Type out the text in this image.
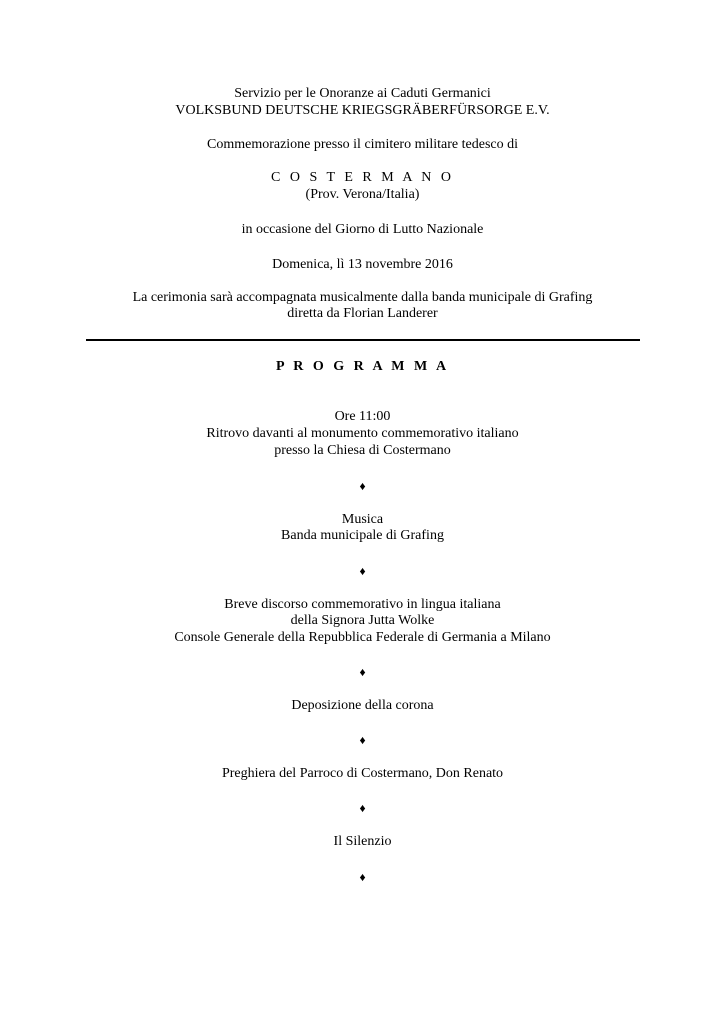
Servizio per le Onoranze ai Caduti Germanici
VOLKSBUND DEUTSCHE KRIEGSGRÄBERFÜRSORGE E.V.
Commemorazione presso il cimitero militare tedesco di
C O S T E R M A N O
(Prov. Verona/Italia)
in occasione del Giorno di Lutto Nazionale
Domenica, lì 13 novembre 2016
La cerimonia sarà accompagnata musicalmente dalla banda municipale di Grafing
diretta da Florian Landerer
P R O G R A M M A
Ore 11:00
Ritrovo davanti al monumento commemorativo italiano
presso la Chiesa di Costermano
♦
Musica
Banda municipale di Grafing
♦
Breve discorso commemorativo in lingua italiana
della Signora Jutta Wolke
Console Generale della Repubblica Federale di Germania a Milano
♦
Deposizione della corona
♦
Preghiera del Parroco di Costermano, Don Renato
♦
Il Silenzio
♦
